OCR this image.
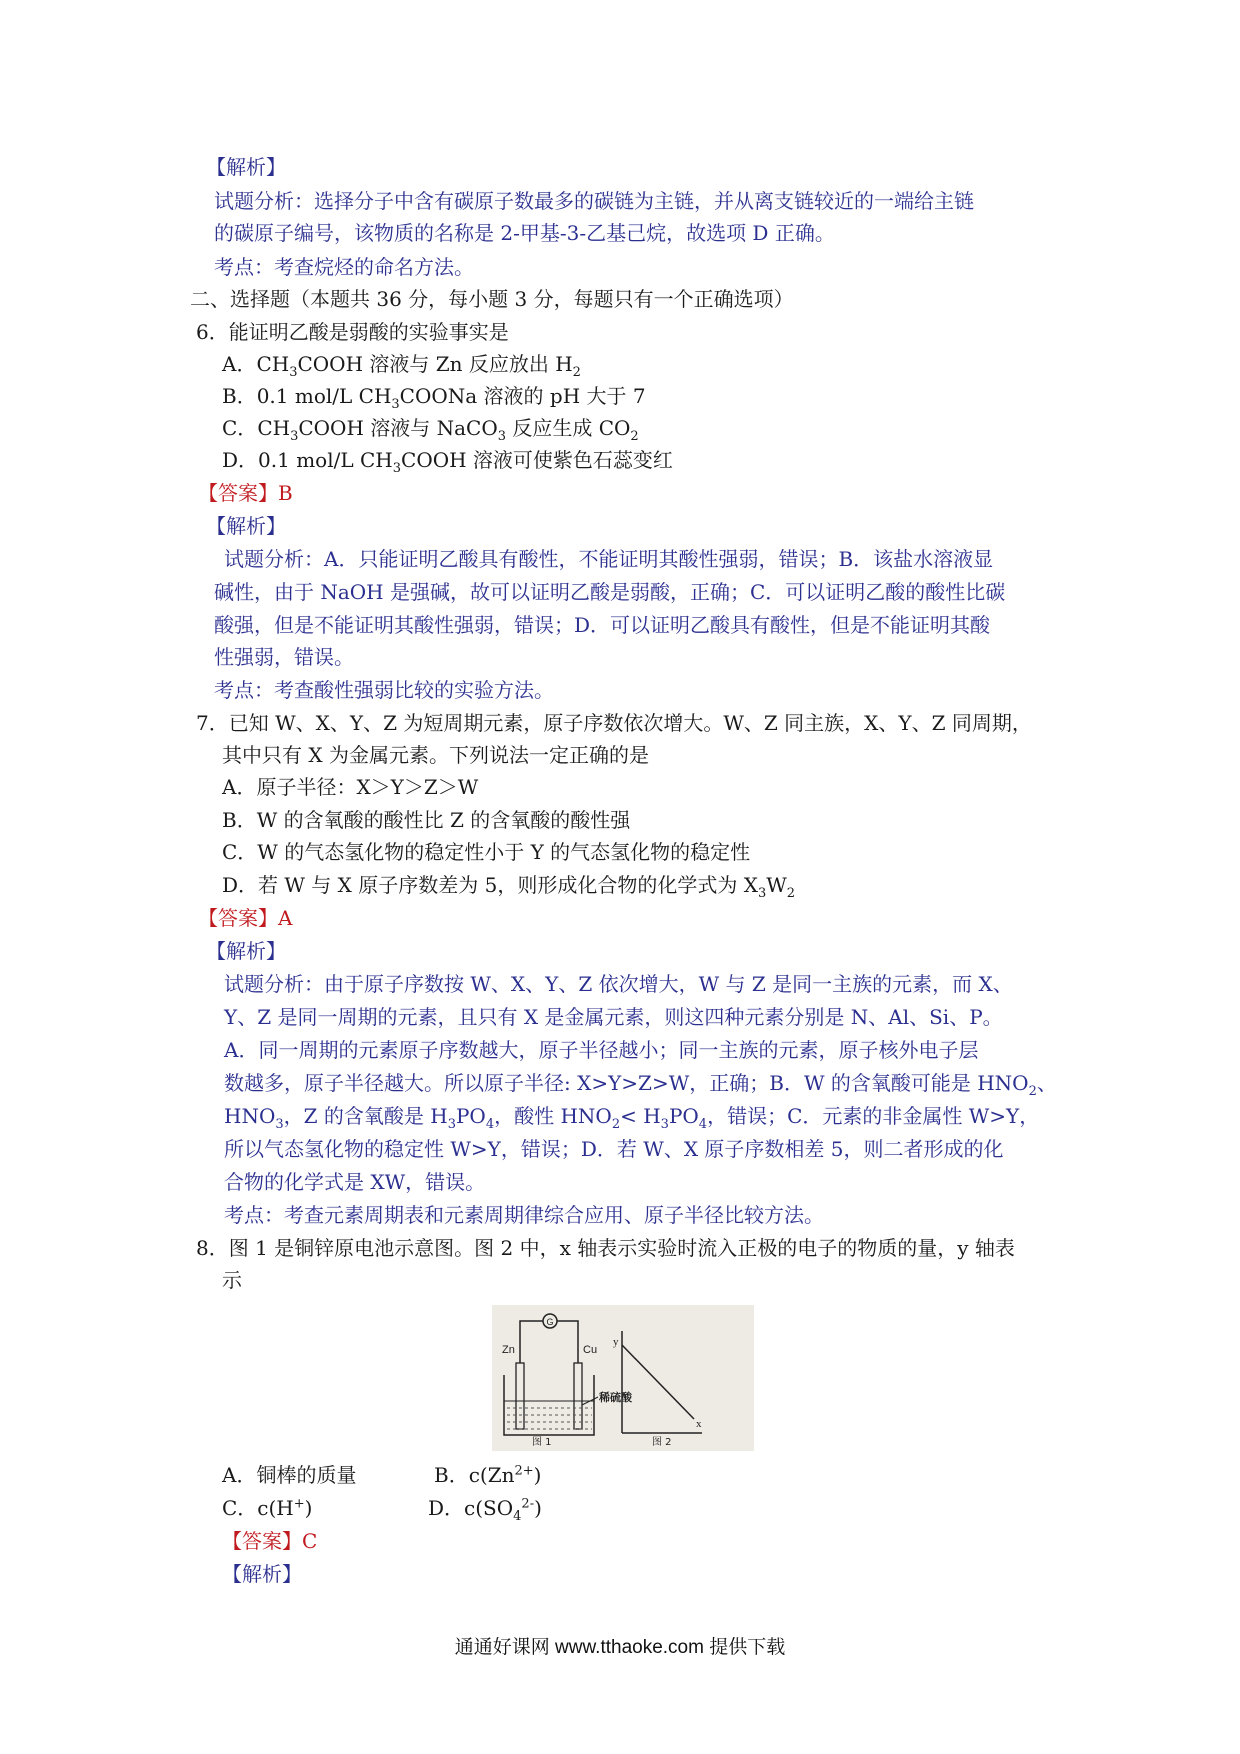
【解析】
试题分析：选择分子中含有碳原子数最多的碳链为主链，并从离支链较近的一端给主链
的碳原子编号，该物质的名称是 2-甲基-3-乙基己烷，故选项 D 正确。
考点：考查烷烃的命名方法。
二、选择题（本题共 36 分，每小题 3 分，每题只有一个正确选项）
6．能证明乙酸是弱酸的实验事实是
A．$CH_3COOH$ 溶液与 Zn 反应放出 $H_2$
B．0.1 mol/L $CH_3COONa$ 溶液的 pH 大于 7
C．$CH_3COOH$ 溶液与 NaCO$_3$ 反应生成 $CO_2$
D．0.1 mol/L $CH_3COOH$ 溶液可使紫色石蕊变红
【答案】B
【解析】
试题分析：A．只能证明乙酸具有酸性，不能证明其酸性强弱，错误；B．该盐水溶液显
碱性，由于 NaOH 是强碱，故可以证明乙酸是弱酸，正确；C．可以证明乙酸的酸性比碳
酸强，但是不能证明其酸性强弱，错误；D．可以证明乙酸具有酸性，但是不能证明其酸
性强弱，错误。
考点：考查酸性强弱比较的实验方法。
7．已知 W、X、Y、Z 为短周期元素，原子序数依次增大。W、Z 同主族，X、Y、Z 同周期，
其中只有 X 为金属元素。下列说法一定正确的是
A．原子半径：X＞Y＞Z＞W
B．W 的含氧酸的酸性比 Z 的含氧酸的酸性强
C．W 的气态氢化物的稳定性小于 Y 的气态氢化物的稳定性
D．若 W 与 X 原子序数差为 5，则形成化合物的化学式为 $X_3W_2$
【答案】A
【解析】
试题分析：由于原子序数按 W、X、Y、Z 依次增大，W 与 Z 是同一主族的元素，而 X、
Y、Z 是同一周期的元素，且只有 X 是金属元素，则这四种元素分别是 N、Al、Si、P。
A．同一周期的元素原子序数越大，原子半径越小；同一主族的元素，原子核外电子层
数越多，原子半径越大。所以原子半径: X>Y>Z>W，正确；B．W 的含氧酸可能是 $HNO_2$、
$HNO_3$，Z 的含氧酸是 $H_3PO_4$，酸性 $HNO_2< H_3PO_4$，错误；C．元素的非金属性 W>Y，
所以气态氢化物的稳定性 W>Y，错误；D．若 W、X 原子序数相差 5，则二者形成的化
合物的化学式是 XW，错误。
考点：考查元素周期表和元素周期律综合应用、原子半径比较方法。
8．图 1 是铜锌原电池示意图。图 2 中，x 轴表示实验时流入正极的电子的物质的量，y 轴表
示
G
Zn	Cu
稀硫酸
图 1
y
x
图 2
A．铜棒的质量	B．$c(Zn^{2+})$
C．c(H+)	D．$c(SO_4^{2-})$
【答案】C
【解析】
通通好课网 www.tthaoke.com 提供下载
